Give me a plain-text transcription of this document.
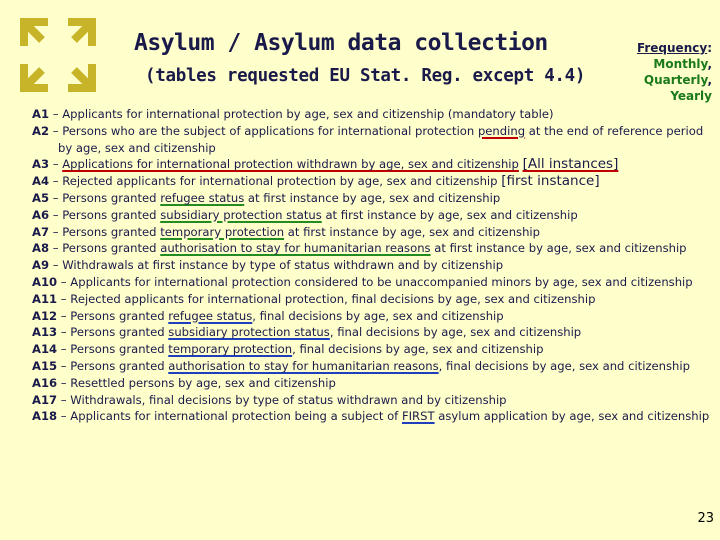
Asylum / Asylum data collection
(tables requested EU Stat. Reg. except 4.4)
Frequency:
Monthly,
Quarterly,
Yearly
A1 – Applicants for international protection by age, sex and citizenship (mandatory table)
A2 – Persons who are the subject of applications for international protection pending at the end of reference period by age, sex and citizenship
A3 – Applications for international protection withdrawn by age, sex and citizenship [All instances]
A4 – Rejected applicants for international protection by age, sex and citizenship [first instance]
A5 – Persons granted refugee status at first instance by age, sex and citizenship
A6 – Persons granted subsidiary protection status at first instance by age, sex and citizenship
A7 – Persons granted temporary protection at first instance by age, sex and citizenship
A8 – Persons granted authorisation to stay for humanitarian reasons at first instance by age, sex and citizenship
A9 – Withdrawals at first instance by type of status withdrawn and by citizenship
A10 – Applicants for international protection considered to be unaccompanied minors by age, sex and citizenship
A11 – Rejected applicants for international protection, final decisions by age, sex and citizenship
A12 – Persons granted refugee status, final decisions by age, sex and citizenship
A13 – Persons granted subsidiary protection status, final decisions by age, sex and citizenship
A14 – Persons granted temporary protection, final decisions by age, sex and citizenship
A15 – Persons granted authorisation to stay for humanitarian reasons, final decisions by age, sex and citizenship
A16 – Resettled persons by age, sex and citizenship
A17 – Withdrawals, final decisions by type of status withdrawn and by citizenship
A18 – Applicants for international protection being a subject of FIRST asylum application by age, sex and citizenship
23
